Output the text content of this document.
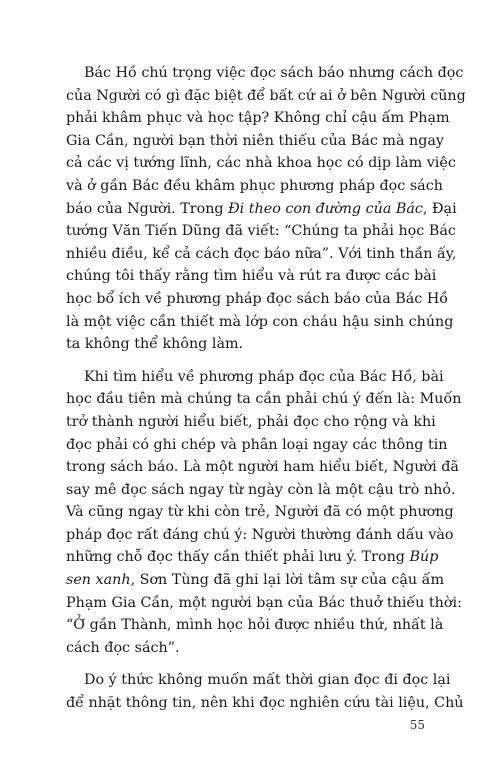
Bác Hồ chú trọng việc đọc sách báo nhưng cách đọc
của Người có gì đặc biệt để bất cứ ai ở bên Người cũng
phải khâm phục và học tập? Không chỉ cậu ấm Phạm
Gia Cần, người bạn thời niên thiếu của Bác mà ngay
cả các vị tướng lĩnh, các nhà khoa học có dịp làm việc
và ở gần Bác đều khâm phục phương pháp đọc sách
báo của Người. Trong Đi theo con đường của Bác, Đại
tướng Văn Tiến Dũng đã viết: “Chúng ta phải học Bác
nhiều điều, kể cả cách đọc báo nữa”. Với tinh thần ấy,
chúng tôi thấy rằng tìm hiểu và rút ra được các bài
học bổ ích về phương pháp đọc sách báo của Bác Hồ
là một việc cần thiết mà lớp con cháu hậu sinh chúng
ta không thể không làm.
Khi tìm hiểu về phương pháp đọc của Bác Hồ, bài
học đầu tiên mà chúng ta cần phải chú ý đến là: Muốn
trở thành người hiểu biết, phải đọc cho rộng và khi
đọc phải có ghi chép và phân loại ngay các thông tin
trong sách báo. Là một người ham hiểu biết, Người đã
say mê đọc sách ngay từ ngày còn là một cậu trò nhỏ.
Và cũng ngay từ khi còn trẻ, Người đã có một phương
pháp đọc rất đáng chú ý: Người thường đánh dấu vào
những chỗ đọc thấy cần thiết phải lưu ý. Trong Búp
sen xanh, Sơn Tùng đã ghi lại lời tâm sự của cậu ấm
Phạm Gia Cần, một người bạn của Bác thuở thiếu thời:
“Ở gần Thành, mình học hỏi được nhiều thứ, nhất là
cách đọc sách”.
Do ý thức không muốn mất thời gian đọc đi đọc lại
để nhặt thông tin, nên khi đọc nghiên cứu tài liệu, Chủ
55
